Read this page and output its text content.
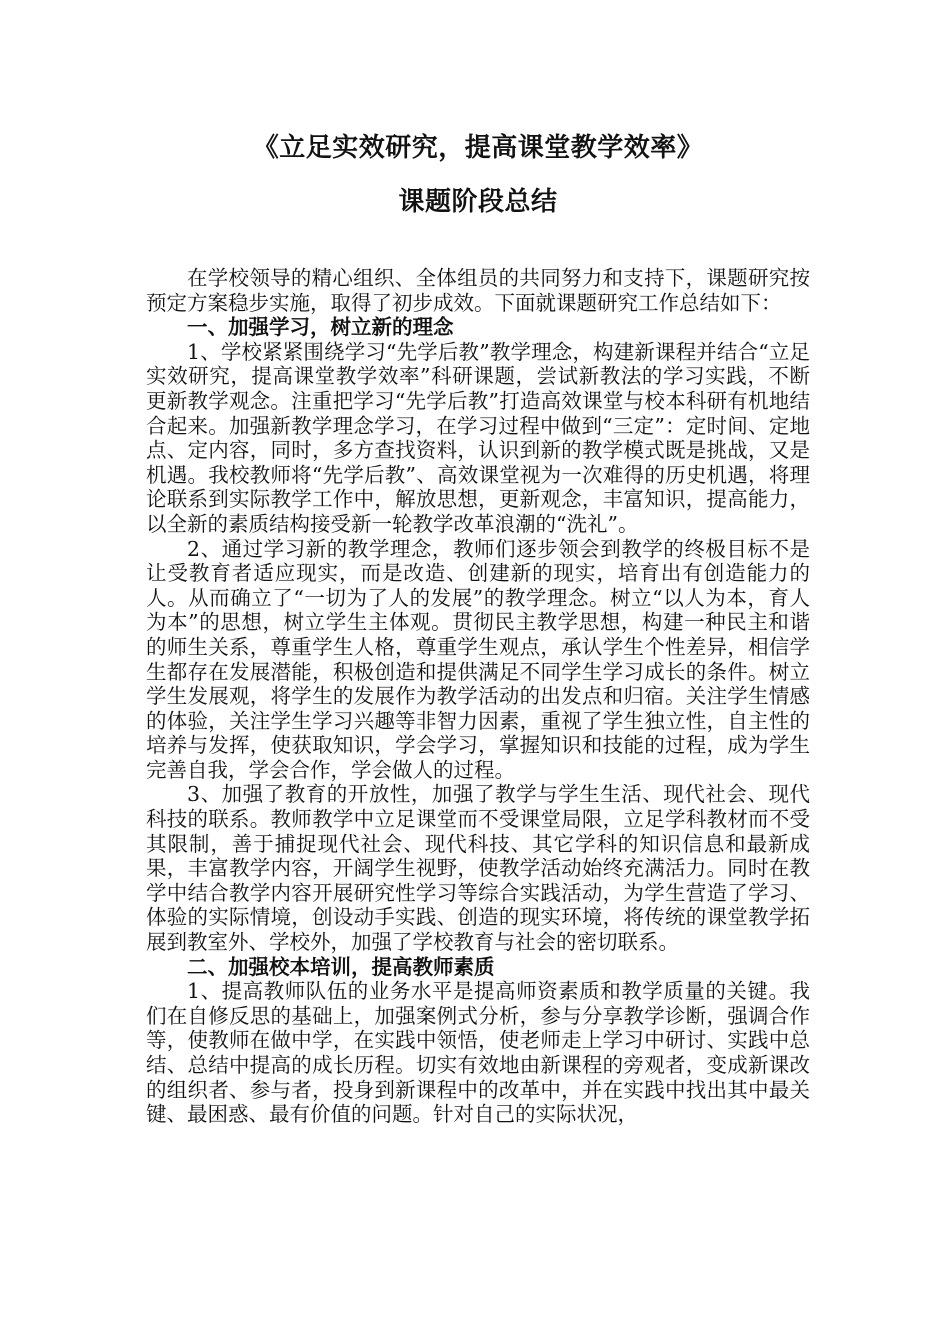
《立足实效研究，提高课堂教学效率》
课题阶段总结

在学校领导的精心组织、全体组员的共同努力和支持下，课题研究按预定方案稳步实施，取得了初步成效。下面就课题研究工作总结如下：

一、加强学习，树立新的理念

1、学校紧紧围绕学习“先学后教”教学理念，构建新课程并结合“立足实效研究，提高课堂教学效率”科研课题，尝试新教法的学习实践，不断更新教学观念。注重把学习“先学后教”打造高效课堂与校本科研有机地结合起来。加强新教学理念学习，在学习过程中做到“三定”：定时间、定地点、定内容，同时，多方查找资料，认识到新的教学模式既是挑战，又是机遇。我校教师将“先学后教”、高效课堂视为一次难得的历史机遇，将理论联系到实际教学工作中，解放思想，更新观念，丰富知识，提高能力，以全新的素质结构接受新一轮教学改革浪潮的“洗礼”。

2、通过学习新的教学理念，教师们逐步领会到教学的终极目标不是让受教育者适应现实，而是改造、创建新的现实，培育出有创造能力的人。从而确立了“一切为了人的发展”的教学理念。树立“以人为本，育人为本”的思想，树立学生主体观。贯彻民主教学思想，构建一种民主和谐的师生关系，尊重学生人格，尊重学生观点，承认学生个性差异，相信学生都存在发展潜能，积极创造和提供满足不同学生学习成长的条件。树立学生发展观，将学生的发展作为教学活动的出发点和归宿。关注学生情感的体验，关注学生学习兴趣等非智力因素，重视了学生独立性，自主性的培养与发挥，使获取知识，学会学习，掌握知识和技能的过程，成为学生完善自我，学会合作，学会做人的过程。

3、加强了教育的开放性，加强了教学与学生生活、现代社会、现代科技的联系。教师教学中立足课堂而不受课堂局限，立足学科教材而不受其限制，善于捕捉现代社会、现代科技、其它学科的知识信息和最新成果，丰富教学内容，开阔学生视野，使教学活动始终充满活力。同时在教学中结合教学内容开展研究性学习等综合实践活动，为学生营造了学习、体验的实际情境，创设动手实践、创造的现实环境，将传统的课堂教学拓展到教室外、学校外，加强了学校教育与社会的密切联系。

二、加强校本培训，提高教师素质

1、提高教师队伍的业务水平是提高师资素质和教学质量的关键。我们在自修反思的基础上，加强案例式分析，参与分享教学诊断，强调合作等，使教师在做中学，在实践中领悟，使老师走上学习中研讨、实践中总结、总结中提高的成长历程。切实有效地由新课程的旁观者，变成新课改的组织者、参与者，投身到新课程中的改革中，并在实践中找出其中最关键、最困惑、最有价值的问题。针对自己的实际状况，
